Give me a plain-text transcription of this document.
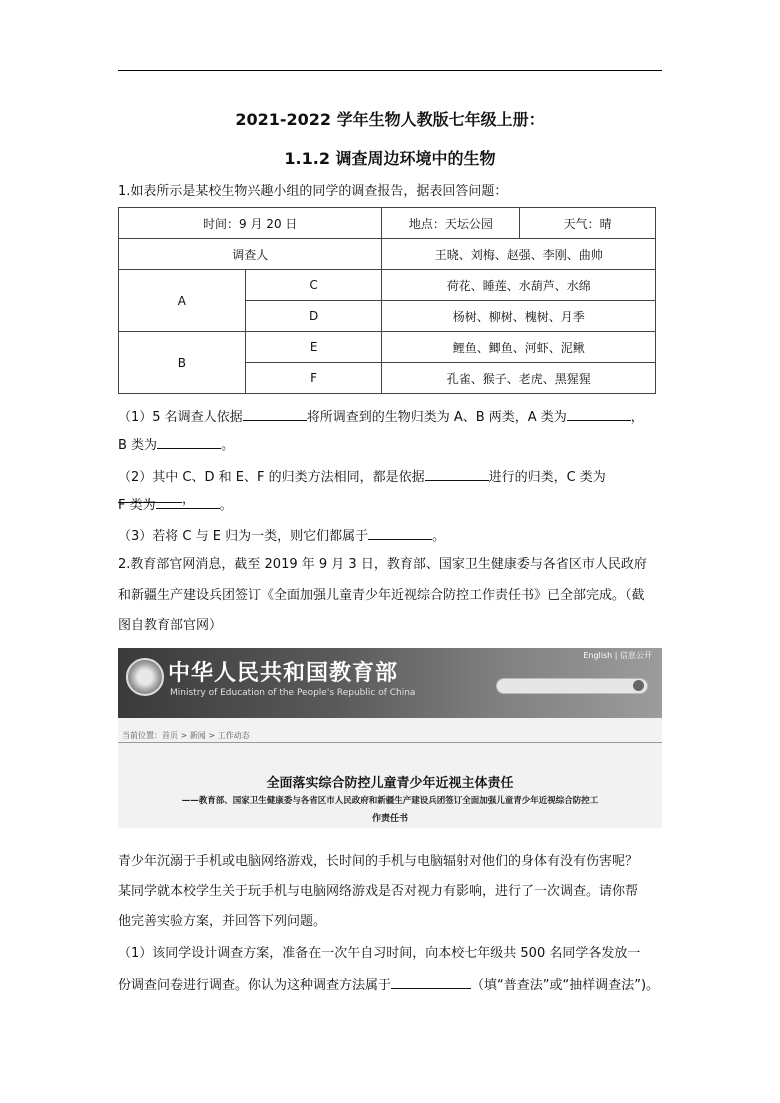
2021-2022 学年生物人教版七年级上册：
1.1.2 调查周边环境中的生物
1.如表所示是某校生物兴趣小组的同学的调查报告，据表回答问题：
时间：9 月 20 日		地点：天坛公园	天气：晴
调查人		王晓、刘梅、赵强、李刚、曲帅	
A	C	荷花、睡莲、水葫芦、水绵	
	D	杨树、柳树、槐树、月季	
B	E	鲤鱼、鲫鱼、河虾、泥鳅	
	F	孔雀、猴子、老虎、黑猩猩	
（1）5 名调查人依据	将所调查到的生物归类为 A、B 两类，A 类为	，
B 类为	。
（2）其中 C、D 和 E、F 的归类方法相同，都是依据	进行的归类，C 类为，
F 类为	。
（3）若将 C 与 E 归为一类，则它们都属于	。
2.教育部官网消息，截至 2019 年 9 月 3 日，教育部、国家卫生健康委与各省区市人民政府
和新疆生产建设兵团签订《全面加强儿童青少年近视综合防控工作责任书》已全部完成。（截
图自教育部官网）
中华人民共和国教育部
Ministry of Education of the People's Republic of China
English | 信息公开
当前位置：首页 > 新闻 > 工作动态
全面落实综合防控儿童青少年近视主体责任
——教育部、国家卫生健康委与各省区市人民政府和新疆生产建设兵团签订全面加强儿童青少年近视综合防控工
作责任书
青少年沉溺于手机或电脑网络游戏，长时间的手机与电脑辐射对他们的身体有没有伤害呢？
某同学就本校学生关于玩手机与电脑网络游戏是否对视力有影响，进行了一次调查。请你帮
他完善实验方案，并回答下列问题。
（1）该同学设计调查方案，准备在一次午自习时间，向本校七年级共 500 名同学各发放一
份调查问卷进行调查。你认为这种调查方法属于	（填“普查法”或“抽样调查法”)。
